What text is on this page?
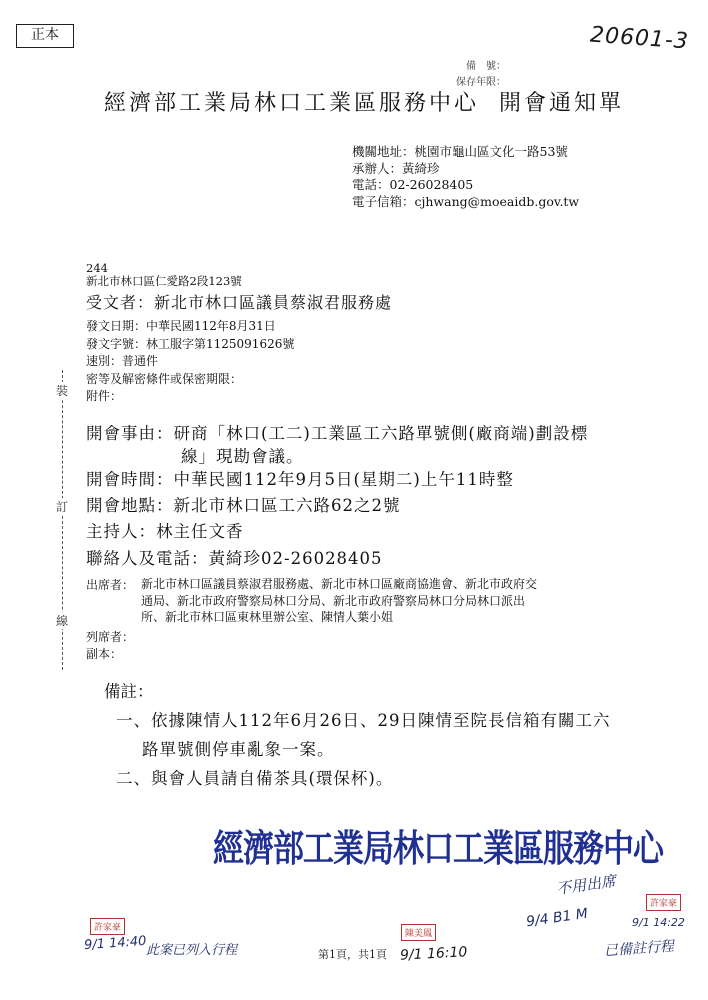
正本	20601-3
備　號：
保存年限：
經濟部工業局林口工業區服務中心 開會通知單
機關地址：桃園市龜山區文化一路53號
承辦人：黃綺珍
電話：02-26028405
電子信箱：cjhwang@moeaidb.gov.tw
244
新北市林口區仁愛路2段123號
受文者：新北市林口區議員蔡淑君服務處
發文日期：中華民國112年8月31日
發文字號：林工服字第1125091626號
速別：普通件
密等及解密條件或保密期限：
附件：
裝
訂
線
開會事由：研商「林口(工二)工業區工六路單號側(廠商端)劃設標
線」現勘會議。
開會時間：中華民國112年9月5日(星期二)上午11時整
開會地點：新北市林口區工六路62之2號
主持人：林主任文香
聯絡人及電話：黃綺珍02-26028405
出席者： 新北市林口區議員蔡淑君服務處、新北市林口區廠商協進會、新北市政府交
通局、新北市政府警察局林口分局、新北市政府警察局林口分局林口派出
所、新北市林口區東林里辦公室、陳情人葉小姐
列席者：
副本：
備註：
一、依據陳情人112年6月26日、29日陳情至院長信箱有關工六
路單號側停車亂象一案。
二、與會人員請自備茶具(環保杯)。
經濟部工業局林口工業區服務中心
許家豪
9/1 14:40 此案已列入行程	第1頁，共1頁
陳美鳳
9/1 16:10
不用出席
9/4 B1 M
許家豪
9/1 14:22
已備註行程
